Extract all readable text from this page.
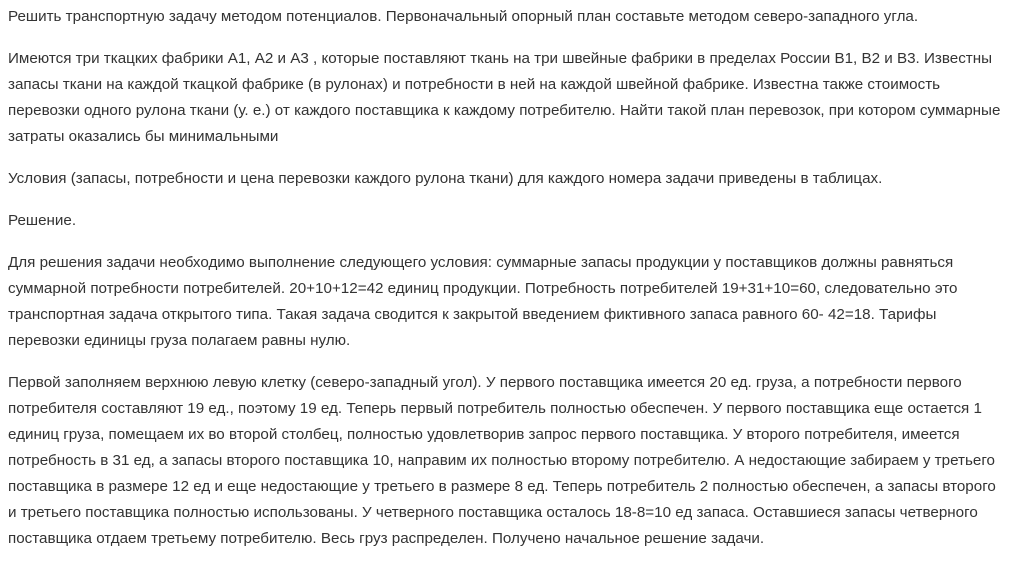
Решить транспортную задачу методом потенциалов. Первоначальный опорный план составьте методом северо-западного угла.

Имеются три ткацких фабрики А1, А2 и А3 , которые поставляют ткань на три швейные фабрики в пределах России В1, В2 и В3. Известны запасы ткани на каждой ткацкой фабрике (в рулонах) и потребности в ней на каждой швейной фабрике. Известна также стоимость перевозки одного рулона ткани (у. е.) от каждого поставщика к каждому потребителю. Найти такой план перевозок, при котором суммарные затраты оказались бы минимальными

Условия (запасы, потребности и цена перевозки каждого рулона ткани) для каждого номера задачи приведены в таблицах.

Решение.

Для решения задачи необходимо выполнение следующего условия: суммарные запасы продукции у поставщиков должны равняться суммарной потребности потребителей. 20+10+12=42 единиц продукции. Потребность потребителей 19+31+10=60, следовательно это транспортная задача открытого типа. Такая задача сводится к закрытой введением фиктивного запаса равного 60- 42=18. Тарифы перевозки единицы груза полагаем равны нулю.

Первой заполняем верхнюю левую клетку (северо-западный угол). У первого поставщика имеется 20 ед. груза, а потребности первого потребителя составляют 19 ед., поэтому 19 ед. Теперь первый потребитель полностью обеспечен. У первого поставщика еще остается 1 единиц груза, помещаем их во второй столбец, полностью удовлетворив запрос первого поставщика. У второго потребителя, имеется потребность в 31 ед, а запасы второго поставщика 10, направим их полностью второму потребителю. А недостающие забираем у третьего поставщика в размере 12 ед и еще недостающие у третьего в размере 8 ед. Теперь потребитель 2 полностью обеспечен, а запасы второго и третьего поставщика полностью использованы. У четверного поставщика осталось 18-8=10 ед запаса. Оставшиеся запасы четверного поставщика отдаем третьему потребителю. Весь груз распределен. Получено начальное решение задачи.
